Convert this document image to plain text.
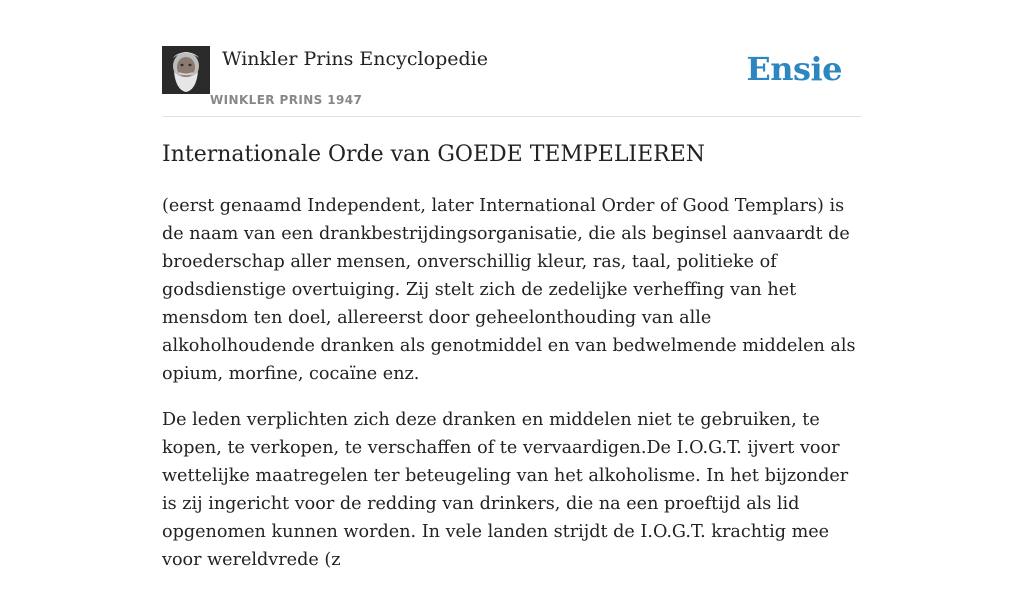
Winkler Prins Encyclopedie
WINKLER PRINS 1947
Ensie
Internationale Orde van GOEDE TEMPELIEREN

(eerst genaamd Independent, later International Order of Good Templars) is de naam van een drankbestrijdingsorganisatie, die als beginsel aanvaardt de broederschap aller mensen, onverschillig kleur, ras, taal, politieke of godsdienstige overtuiging. Zij stelt zich de zedelijke verheffing van het mensdom ten doel, allereerst door geheelonthouding van alle alkoholhoudende dranken als genotmiddel en van bedwelmende middelen als opium, morfine, cocaïne enz.

De leden verplichten zich deze dranken en middelen niet te gebruiken, te kopen, te verkopen, te verschaffen of te vervaardigen.De I.O.G.T. ijvert voor wettelijke maatregelen ter beteugeling van het alkoholisme. In het bijzonder is zij ingericht voor de redding van drinkers, die na een proeftijd als lid opgenomen kunnen worden. In vele landen strijdt de I.O.G.T. krachtig mee voor wereldvrede (z
